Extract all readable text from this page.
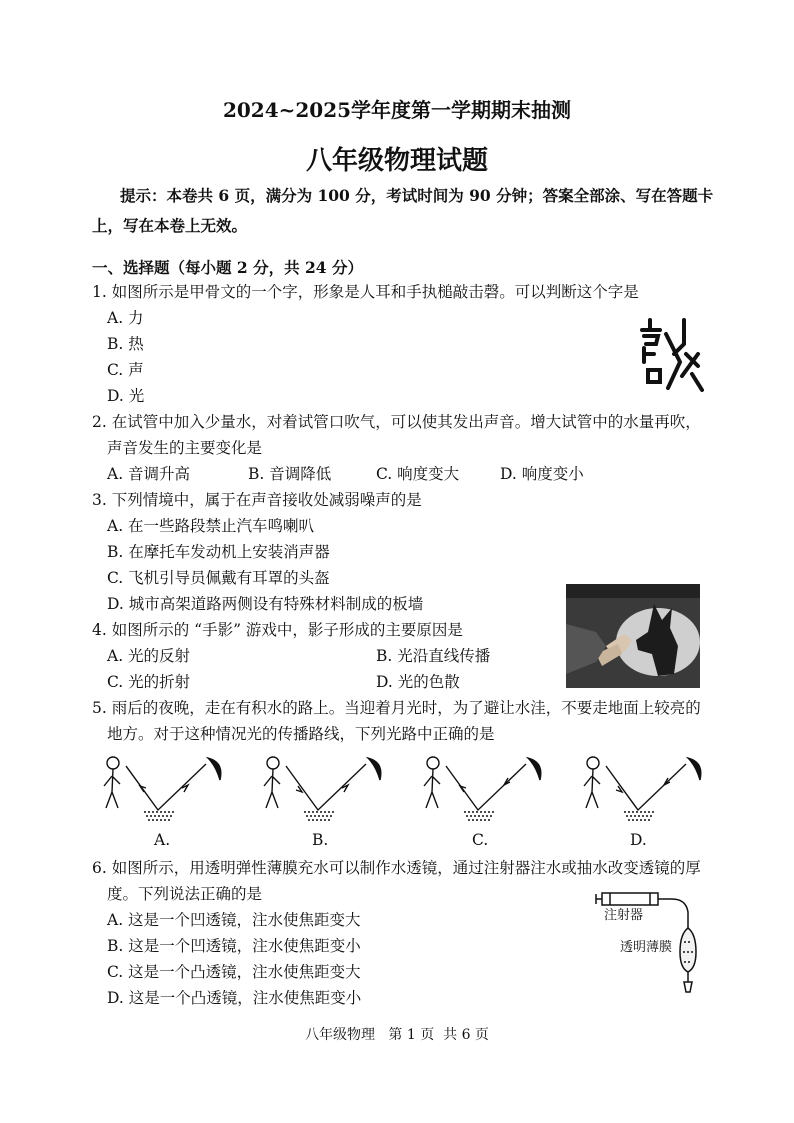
2024~2025学年度第一学期期末抽测
八年级物理试题
提示：本卷共 6 页，满分为 100 分，考试时间为 90 分钟；答案全部涂、写在答题卡
上，写在本卷上无效。
一、选择题（每小题 2 分，共 24 分）
1. 如图所示是甲骨文的一个字，形象是人耳和手执槌敲击磬。可以判断这个字是
A. 力
B. 热
C. 声
D. 光
2. 在试管中加入少量水，对着试管口吹气，可以使其发出声音。增大试管中的水量再吹，
声音发生的主要变化是
A. 音调升高	B. 音调降低	C. 响度变大	D. 响度变小
3. 下列情境中，属于在声音接收处减弱噪声的是
A. 在一些路段禁止汽车鸣喇叭
B. 在摩托车发动机上安装消声器
C. 飞机引导员佩戴有耳罩的头盔
D. 城市高架道路两侧设有特殊材料制成的板墙
4. 如图所示的 “手影” 游戏中，影子形成的主要原因是
A. 光的反射	B. 光沿直线传播
C. 光的折射	D. 光的色散
5. 雨后的夜晚，走在有积水的路上。当迎着月光时，为了避让水洼，不要走地面上较亮的
地方。对于这种情况光的传播路线，下列光路中正确的是
A.	B.	C.	D.
6. 如图所示，用透明弹性薄膜充水可以制作水透镜，通过注射器注水或抽水改变透镜的厚
度。下列说法正确的是
A. 这是一个凹透镜，注水使焦距变大
B. 这是一个凹透镜，注水使焦距变小
C. 这是一个凸透镜，注水使焦距变大
D. 这是一个凸透镜，注水使焦距变小
注射器
透明薄膜
八年级物理   第 1 页  共 6 页
